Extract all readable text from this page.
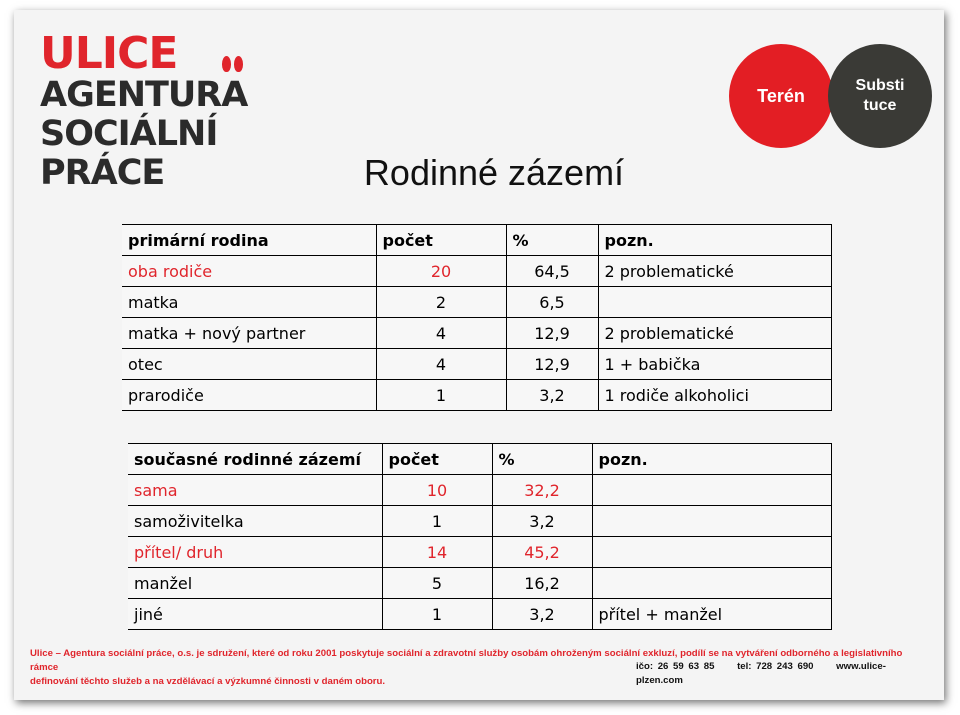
ULICE
AGENTURA
SOCIÁLNÍ
PRÁCE
Terén	Substi
tuce
Rodinné zázemí
primární rodina	počet	%	pozn.
oba rodiče	20	64,5	2 problematické
matka	2	6,5	
matka + nový partner	4	12,9	2 problematické
otec	4	12,9	1 + babička
prarodiče	1	3,2	1 rodiče alkoholici
současné rodinné zázemí	počet	%	pozn.
sama	10	32,2	
samoživitelka	1	3,2	
přítel/ druh	14	45,2	
manžel	5	16,2	
jiné	1	3,2	přítel + manžel
Ulice – Agentura sociální práce, o.s. je sdružení, které od roku 2001 poskytuje sociální a zdravotní služby osobám ohroženým sociální exkluzí, podílí se na vytváření odborného a legislativního rámce
definování těchto služeb a na vzdělávací a výzkumné činnosti v daném oboru.
ičo: 26 59 63 85 tel: 728 243 690 www.ulice-plzen.com
